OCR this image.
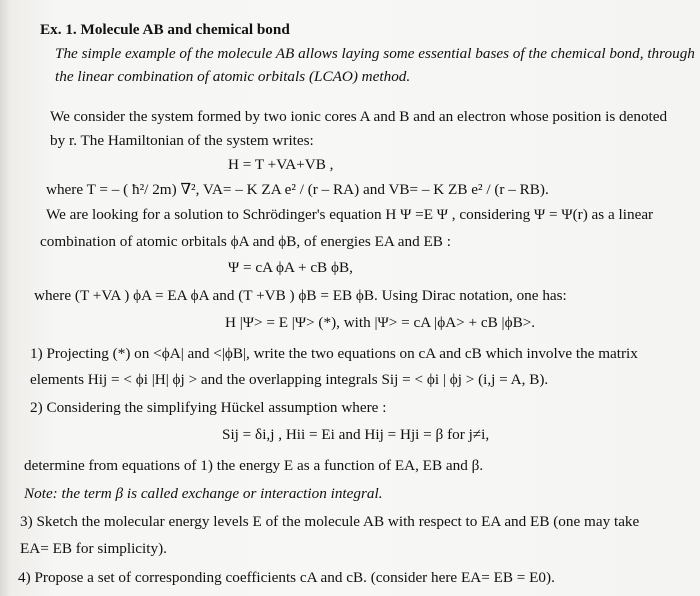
Ex. 1. Molecule AB and chemical bond
The simple example of the molecule AB allows laying some essential bases of the chemical bond, through
the linear combination of atomic orbitals (LCAO) method.
We consider the system formed by two ionic cores A and B and an electron whose position is denoted
by r. The Hamiltonian of the system writes:
H = T +VA+VB ,
where T = – ( ħ²/ 2m) ∇², VA= – K ZA e² / (r – RA) and VB= – K ZB e² / (r – RB).
We are looking for a solution to Schrödinger's equation H Ψ =E Ψ , considering Ψ = Ψ(r) as a linear
combination of atomic orbitals ϕA and ϕB, of energies EA and EB :
Ψ = cA ϕA + cB ϕB,
where (T +VA ) ϕA = EA ϕA and (T +VB ) ϕB = EB ϕB. Using Dirac notation, one has:
H |Ψ> = E |Ψ> (*), with |Ψ> = cA |ϕA> + cB |ϕB>.
1) Projecting (*) on <ϕA| and <|ϕB|, write the two equations on cA and cB which involve the matrix
elements Hij = < ϕi |H| ϕj > and the overlapping integrals Sij = < ϕi | ϕj > (i,j = A, B).
2) Considering the simplifying Hückel assumption where :
Sij = δi,j , Hii = Ei and Hij = Hji = β for j≠i,
determine from equations of 1) the energy E as a function of EA, EB and β.
Note: the term β is called exchange or interaction integral.
3) Sketch the molecular energy levels E of the molecule AB with respect to EA and EB (one may take
EA= EB for simplicity).
4) Propose a set of corresponding coefficients cA and cB. (consider here EA= EB = E0).
